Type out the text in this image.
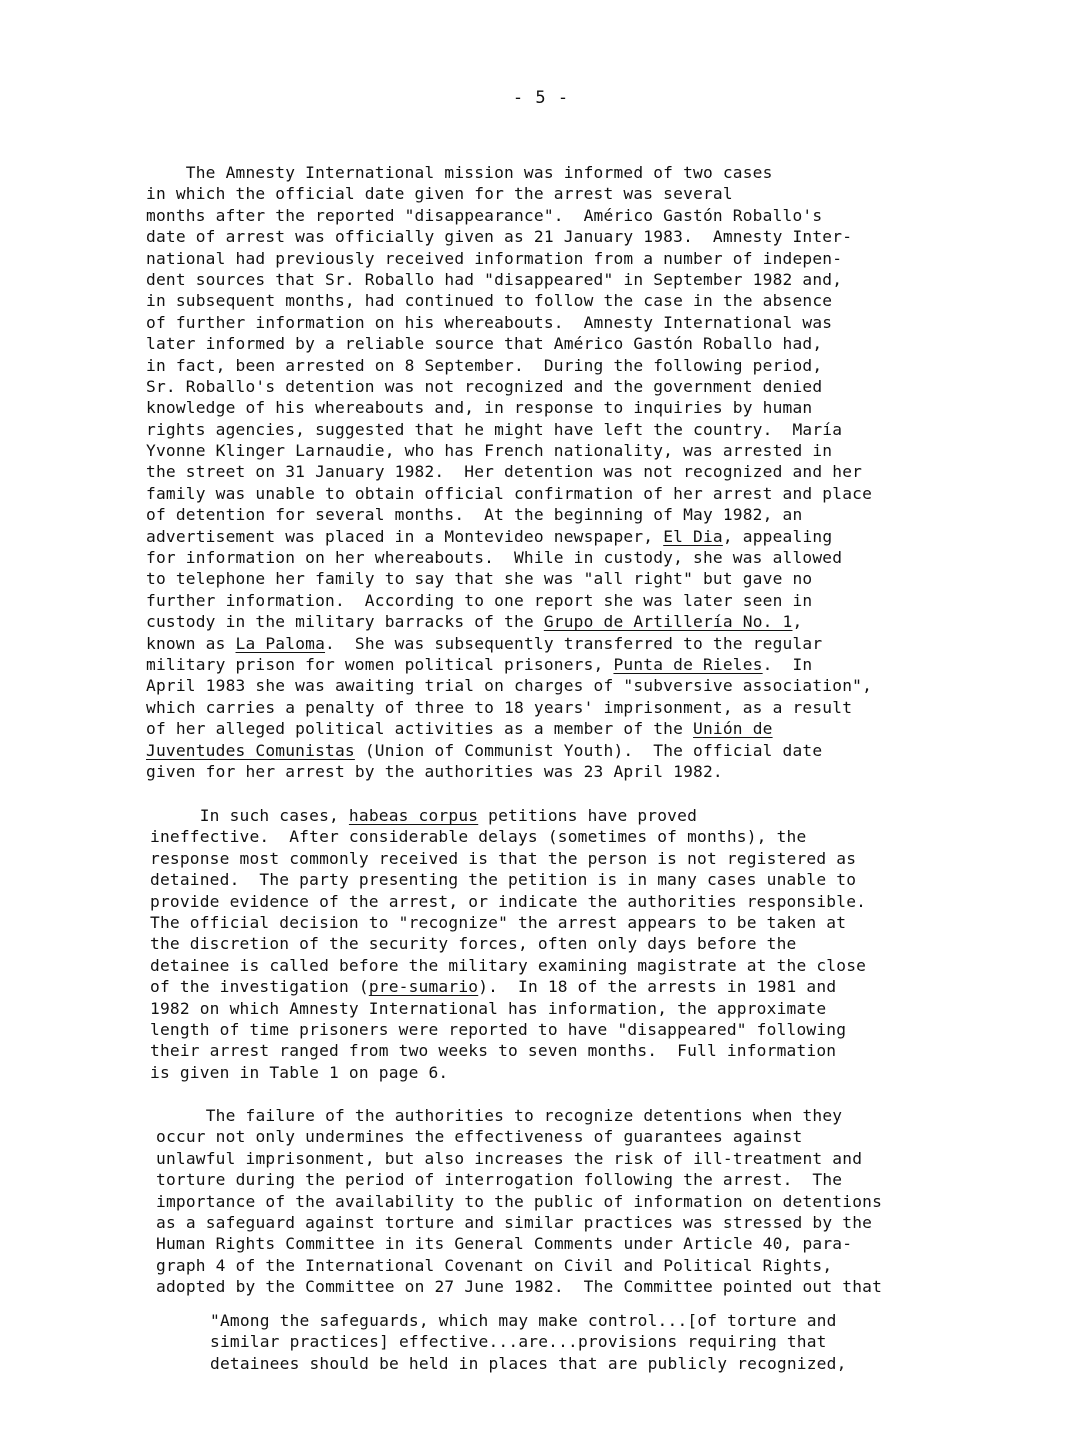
- 5 -
The Amnesty International mission was informed of two cases
in which the official date given for the arrest was several
months after the reported "disappearance".  Américo Gastón Roballo's
date of arrest was officially given as 21 January 1983.  Amnesty Inter-
national had previously received information from a number of indepen-
dent sources that Sr. Roballo had "disappeared" in September 1982 and,
in subsequent months, had continued to follow the case in the absence
of further information on his whereabouts.  Amnesty International was
later informed by a reliable source that Américo Gastón Roballo had,
in fact, been arrested on 8 September.  During the following period,
Sr. Roballo's detention was not recognized and the government denied
knowledge of his whereabouts and, in response to inquiries by human
rights agencies, suggested that he might have left the country.  María
Yvonne Klinger Larnaudie, who has French nationality, was arrested in
the street on 31 January 1982.  Her detention was not recognized and her
family was unable to obtain official confirmation of her arrest and place
of detention for several months.  At the beginning of May 1982, an
advertisement was placed in a Montevideo newspaper, El Dia, appealing
for information on her whereabouts.  While in custody, she was allowed
to telephone her family to say that she was "all right" but gave no
further information.  According to one report she was later seen in
custody in the military barracks of the Grupo de Artillería No. 1,
known as La Paloma.  She was subsequently transferred to the regular
military prison for women political prisoners, Punta de Rieles.  In
April 1983 she was awaiting trial on charges of "subversive association",
which carries a penalty of three to 18 years' imprisonment, as a result
of her alleged political activities as a member of the Unión de
Juventudes Comunistas (Union of Communist Youth).  The official date
given for her arrest by the authorities was 23 April 1982.
In such cases, habeas corpus petitions have proved
ineffective.  After considerable delays (sometimes of months), the
response most commonly received is that the person is not registered as
detained.  The party presenting the petition is in many cases unable to
provide evidence of the arrest, or indicate the authorities responsible.
The official decision to "recognize" the arrest appears to be taken at
the discretion of the security forces, often only days before the
detainee is called before the military examining magistrate at the close
of the investigation (pre-sumario).  In 18 of the arrests in 1981 and
1982 on which Amnesty International has information, the approximate
length of time prisoners were reported to have "disappeared" following
their arrest ranged from two weeks to seven months.  Full information
is given in Table 1 on page 6.
The failure of the authorities to recognize detentions when they
occur not only undermines the effectiveness of guarantees against
unlawful imprisonment, but also increases the risk of ill-treatment and
torture during the period of interrogation following the arrest.  The
importance of the availability to the public of information on detentions
as a safeguard against torture and similar practices was stressed by the
Human Rights Committee in its General Comments under Article 40, para-
graph 4 of the International Covenant on Civil and Political Rights,
adopted by the Committee on 27 June 1982.  The Committee pointed out that
"Among the safeguards, which may make control...[of torture and
similar practices] effective...are...provisions requiring that
detainees should be held in places that are publicly recognized,
